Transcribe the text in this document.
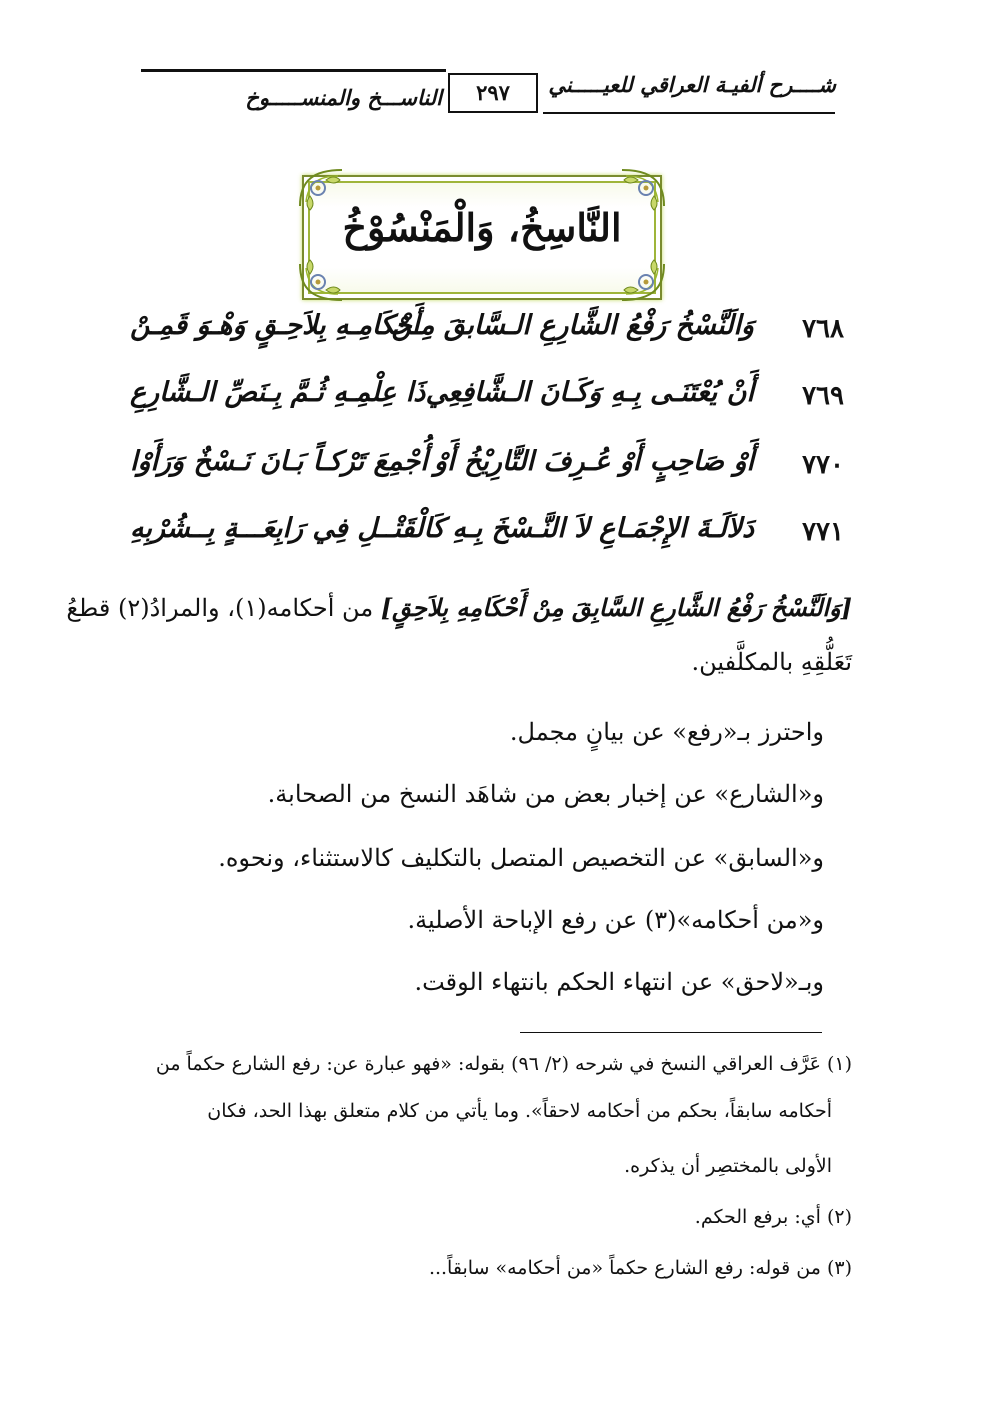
شــــرح ألفيـة العراقي للعيـــــني
٢٩٧
الناســـخ والمنســـــوخ
النَّاسِخُ، وَالْمَنْسُوْخُ
٧٦٨
وَالَنَّسْخُ رَفْعُ الشَّارِعِ الـسَّابقَ مِـنْ
أَحْكَامِـهِ بِلاَحِـقٍ وَهْـوَ قَمِـنْ
٧٦٩
أَنْ يُعْتَنَـى بِـهِ وَكَـانَ الـشَّافِعِي
ذَا عِلْمِـهِ ثُـمَّ بِـنَصِّ الـشَّارِعِ
٧٧٠
أَوْ صَاحِبٍ أَوْ عُـرِفَ التَّارِيْخُ أَوْ
أُجْمِعَ تَرْكـاً بَـانَ نَـسْخٌ وَرَأَوْا
٧٧١
دَلاَلَـةَ الإِجْمَـاعِ لاَ النَّـسْخَ بِـهِ
كَالْقَتْــلِ فِي رَابِعَـــةٍ بِــشُرْبِهِ
[وَالَنَّسْخُ رَفْعُ الشَّارِعِ السَّابِقَ مِنْ أَحْكَامِهِ بِلاَحِقٍ] من أحكامه(١)، والمرادُ(٢) قطعُ
تَعَلُّقِهِ بالمكلَّفين.
واحترز بـ«رفع» عن بيانٍ مجمل.
و«الشارع» عن إخبار بعض من شاهَد النسخ من الصحابة.
و«السابق» عن التخصيص المتصل بالتكليف كالاستثناء، ونحوه.
و«من أحكامه»(٣) عن رفع الإباحة الأصلية.
وبـ«لاحق» عن انتهاء الحكم بانتهاء الوقت.
(١) عَرَّف العراقي النسخ في شرحه (٢/ ٩٦) بقوله: «فهو عبارة عن: رفع الشارع حكماً من
أحكامه سابقاً، بحكم من أحكامه لاحقاً». وما يأتي من كلام متعلق بهذا الحد، فكان
الأولى بالمختصِر أن يذكره.
(٢) أي: برفع الحكم.
(٣) من قوله: رفع الشارع حكماً «من أحكامه» سابقاً...
